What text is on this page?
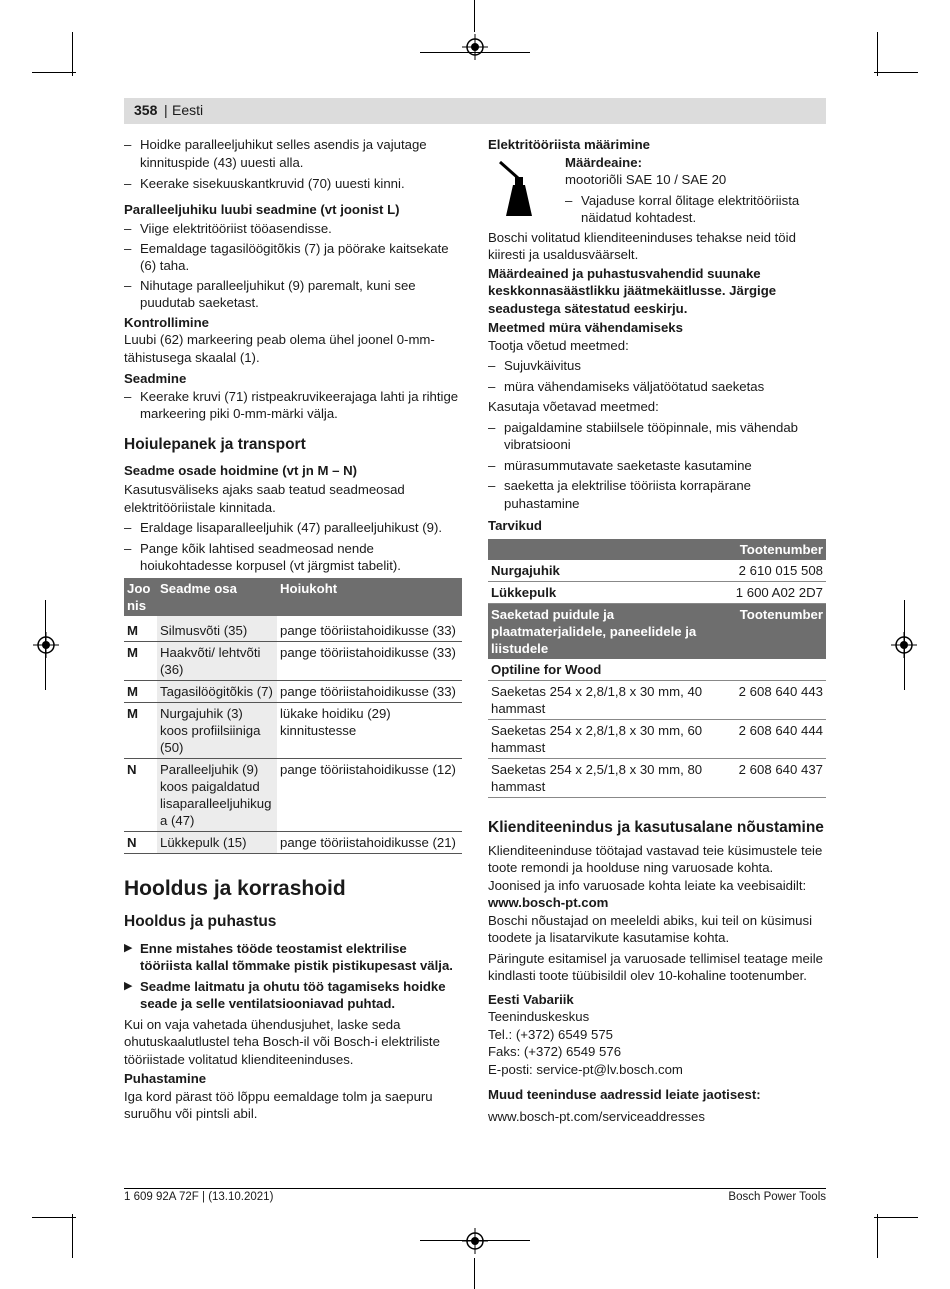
358 | Eesti
– Hoidke paralleeljuhikut selles asendis ja vajutage kinnituspide (43) uuesti alla.
– Keerake sisekuuskantkruvid (70) uuesti kinni.

Paralleeljuhiku luubi seadmine (vt joonist L)

– Viige elektritööriist tööasendisse.
– Eemaldage tagasilöögitõkis (7) ja pöörake kaitsekate (6) taha.
– Nihutage paralleeljuhikut (9) paremalt, kuni see puudutab saeketast.

Kontrollimine

Luubi (62) markeering peab olema ühel joonel 0-mm-tähistusega skaalal (1).

Seadmine

– Keerake kruvi (71) ristpeakruvikeerajaga lahti ja rihtige markeering piki 0-mm-märki välja.

Hoiulepanek ja transport

Seadme osade hoidmine (vt jn M – N)

Kasutusväliseks ajaks saab teatud seadmeosad elektritööriistale kinnitada.

– Eraldage lisaparalleeljuhik (47) paralleeljuhikust (9).
– Pange kõik lahtised seadmeosad nende hoiukohtadesse korpusel (vt järgmist tabelit).
Joo nis	Seadme osa	Hoiukoht
M	Silmusvõti (35)	pange tööriistahoidikusse (33)
M	Haakvõti/ lehtvõti (36)	pange tööriistahoidikusse (33)
M	Tagasilöögitõkis (7)	pange tööriistahoidikusse (33)
M	Nurgajuhik (3) koos profiilsiiniga (50)	lükake hoidiku (29) kinnitustesse
N	Paralleeljuhik (9) koos paigaldatud lisaparalleeljuhikug a (47)	pange tööriistahoidikusse (12)
N	Lükkepulk (15)	pange tööriistahoidikusse (21)

Hooldus ja korrashoid

Hooldus ja puhastus

▶ Enne mistahes tööde teostamist elektrilise tööriista kallal tõmmake pistik pistikupesast välja.
▶ Seadme laitmatu ja ohutu töö tagamiseks hoidke seade ja selle ventilatsiooniavad puhtad.

Kui on vaja vahetada ühendusjuhet, laske seda ohutuskaalutlustel teha Bosch-il või Bosch-i elektriliste tööriistade volitatud klienditeeninduses.

Puhastamine

Iga kord pärast töö lõppu eemaldage tolm ja saepuru suruõhu või pintsli abil.

Elektritööriista määrimine

Määrdeaine:

mootoriõli SAE 10 / SAE 20

– Vajaduse korral õlitage elektritööriista näidatud kohtadest.

Boschi volitatud klienditeeninduses tehakse neid töid kiiresti ja usaldusväärselt.

Määrdeained ja puhastusvahendid suunake keskkonnasäästlikku jäätmekäitlusse. Järgige seadustega sätestatud eeskirju.

Meetmed müra vähendamiseks

Tootja võetud meetmed:

– Sujuvkäivitus
– müra vähendamiseks väljatöötatud saeketas

Kasutaja võetavad meetmed:

– paigaldamine stabiilsele tööpinnale, mis vähendab vibratsiooni
– mürasummutavate saeketaste kasutamine
– saeketta ja elektrilise tööriista korrapärane puhastamine

Tarvikud

	Tootenumber
Nurgajuhik	2 610 015 508
Lükkepulk	1 600 A02 2D7
Saeketad puidule ja plaatmaterjalidele, paneelidele ja liistudele	Tootenumber
Optiline for Wood	
Saeketas 254 x 2,8/1,8 x 30 mm, 40 hammast	2 608 640 443
Saeketas 254 x 2,8/1,8 x 30 mm, 60 hammast	2 608 640 444
Saeketas 254 x 2,5/1,8 x 30 mm, 80 hammast	2 608 640 437

Klienditeenindus ja kasutusalane nõustamine

Klienditeeninduse töötajad vastavad teie küsimustele teie toote remondi ja hoolduse ning varuosade kohta. Joonised ja info varuosade kohta leiate ka veebisaidilt:

www.bosch-pt.com

Boschi nõustajad on meeleldi abiks, kui teil on küsimusi toodete ja lisatarvikute kasutamise kohta.

Päringute esitamisel ja varuosade tellimisel teatage meile kindlasti toote tüübisildil olev 10-kohaline tootenumber.

Eesti Vabariik

Teeninduskeskus

Tel.: (+372) 6549 575

Faks: (+372) 6549 576

E-posti: service-pt@lv.bosch.com

Muud teeninduse aadressid leiate jaotisest:

www.bosch-pt.com/serviceaddresses

1 609 92A 72F | (13.10.2021)	Bosch Power Tools
